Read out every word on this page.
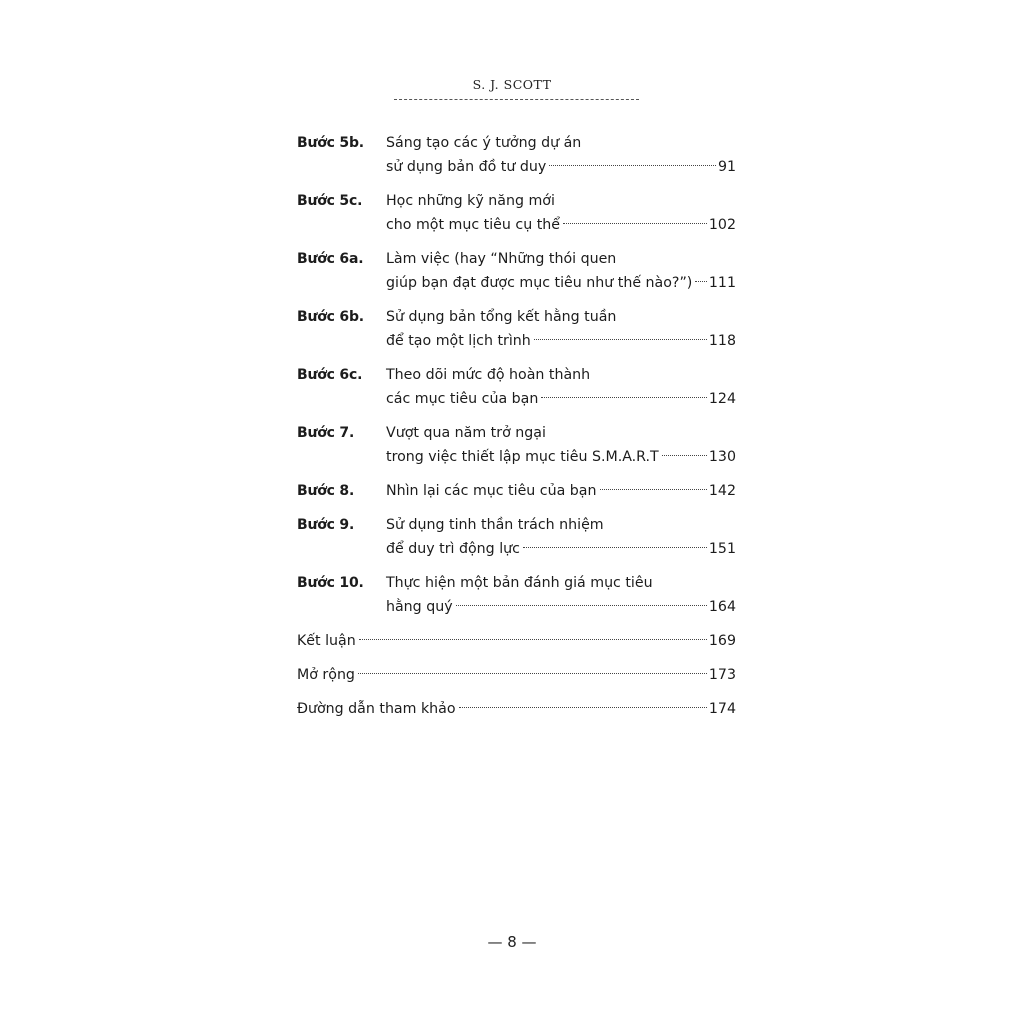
S. J. SCOTT
Bước 5b.	Sáng tạo các ý tưởng dự án
sử dụng bản đồ tư duy	91
Bước 5c.	Học những kỹ năng mới
cho một mục tiêu cụ thể	102
Bước 6a.	Làm việc (hay “Những thói quen
giúp bạn đạt được mục tiêu như thế nào?”) 111
Bước 6b.	Sử dụng bản tổng kết hằng tuần
để tạo một lịch trình	118
Bước 6c.	Theo dõi mức độ hoàn thành
các mục tiêu của bạn	124
Bước 7.	Vượt qua năm trở ngại
trong việc thiết lập mục tiêu S.M.A.R.T	130
Bước 8.	Nhìn lại các mục tiêu của bạn	142
Bước 9.	Sử dụng tinh thần trách nhiệm
để duy trì động lực	151
Bước 10.	Thực hiện một bản đánh giá mục tiêu
hằng quý	164
Kết luận	169
Mở rộng	173
Đường dẫn tham khảo	174
— 8 —
